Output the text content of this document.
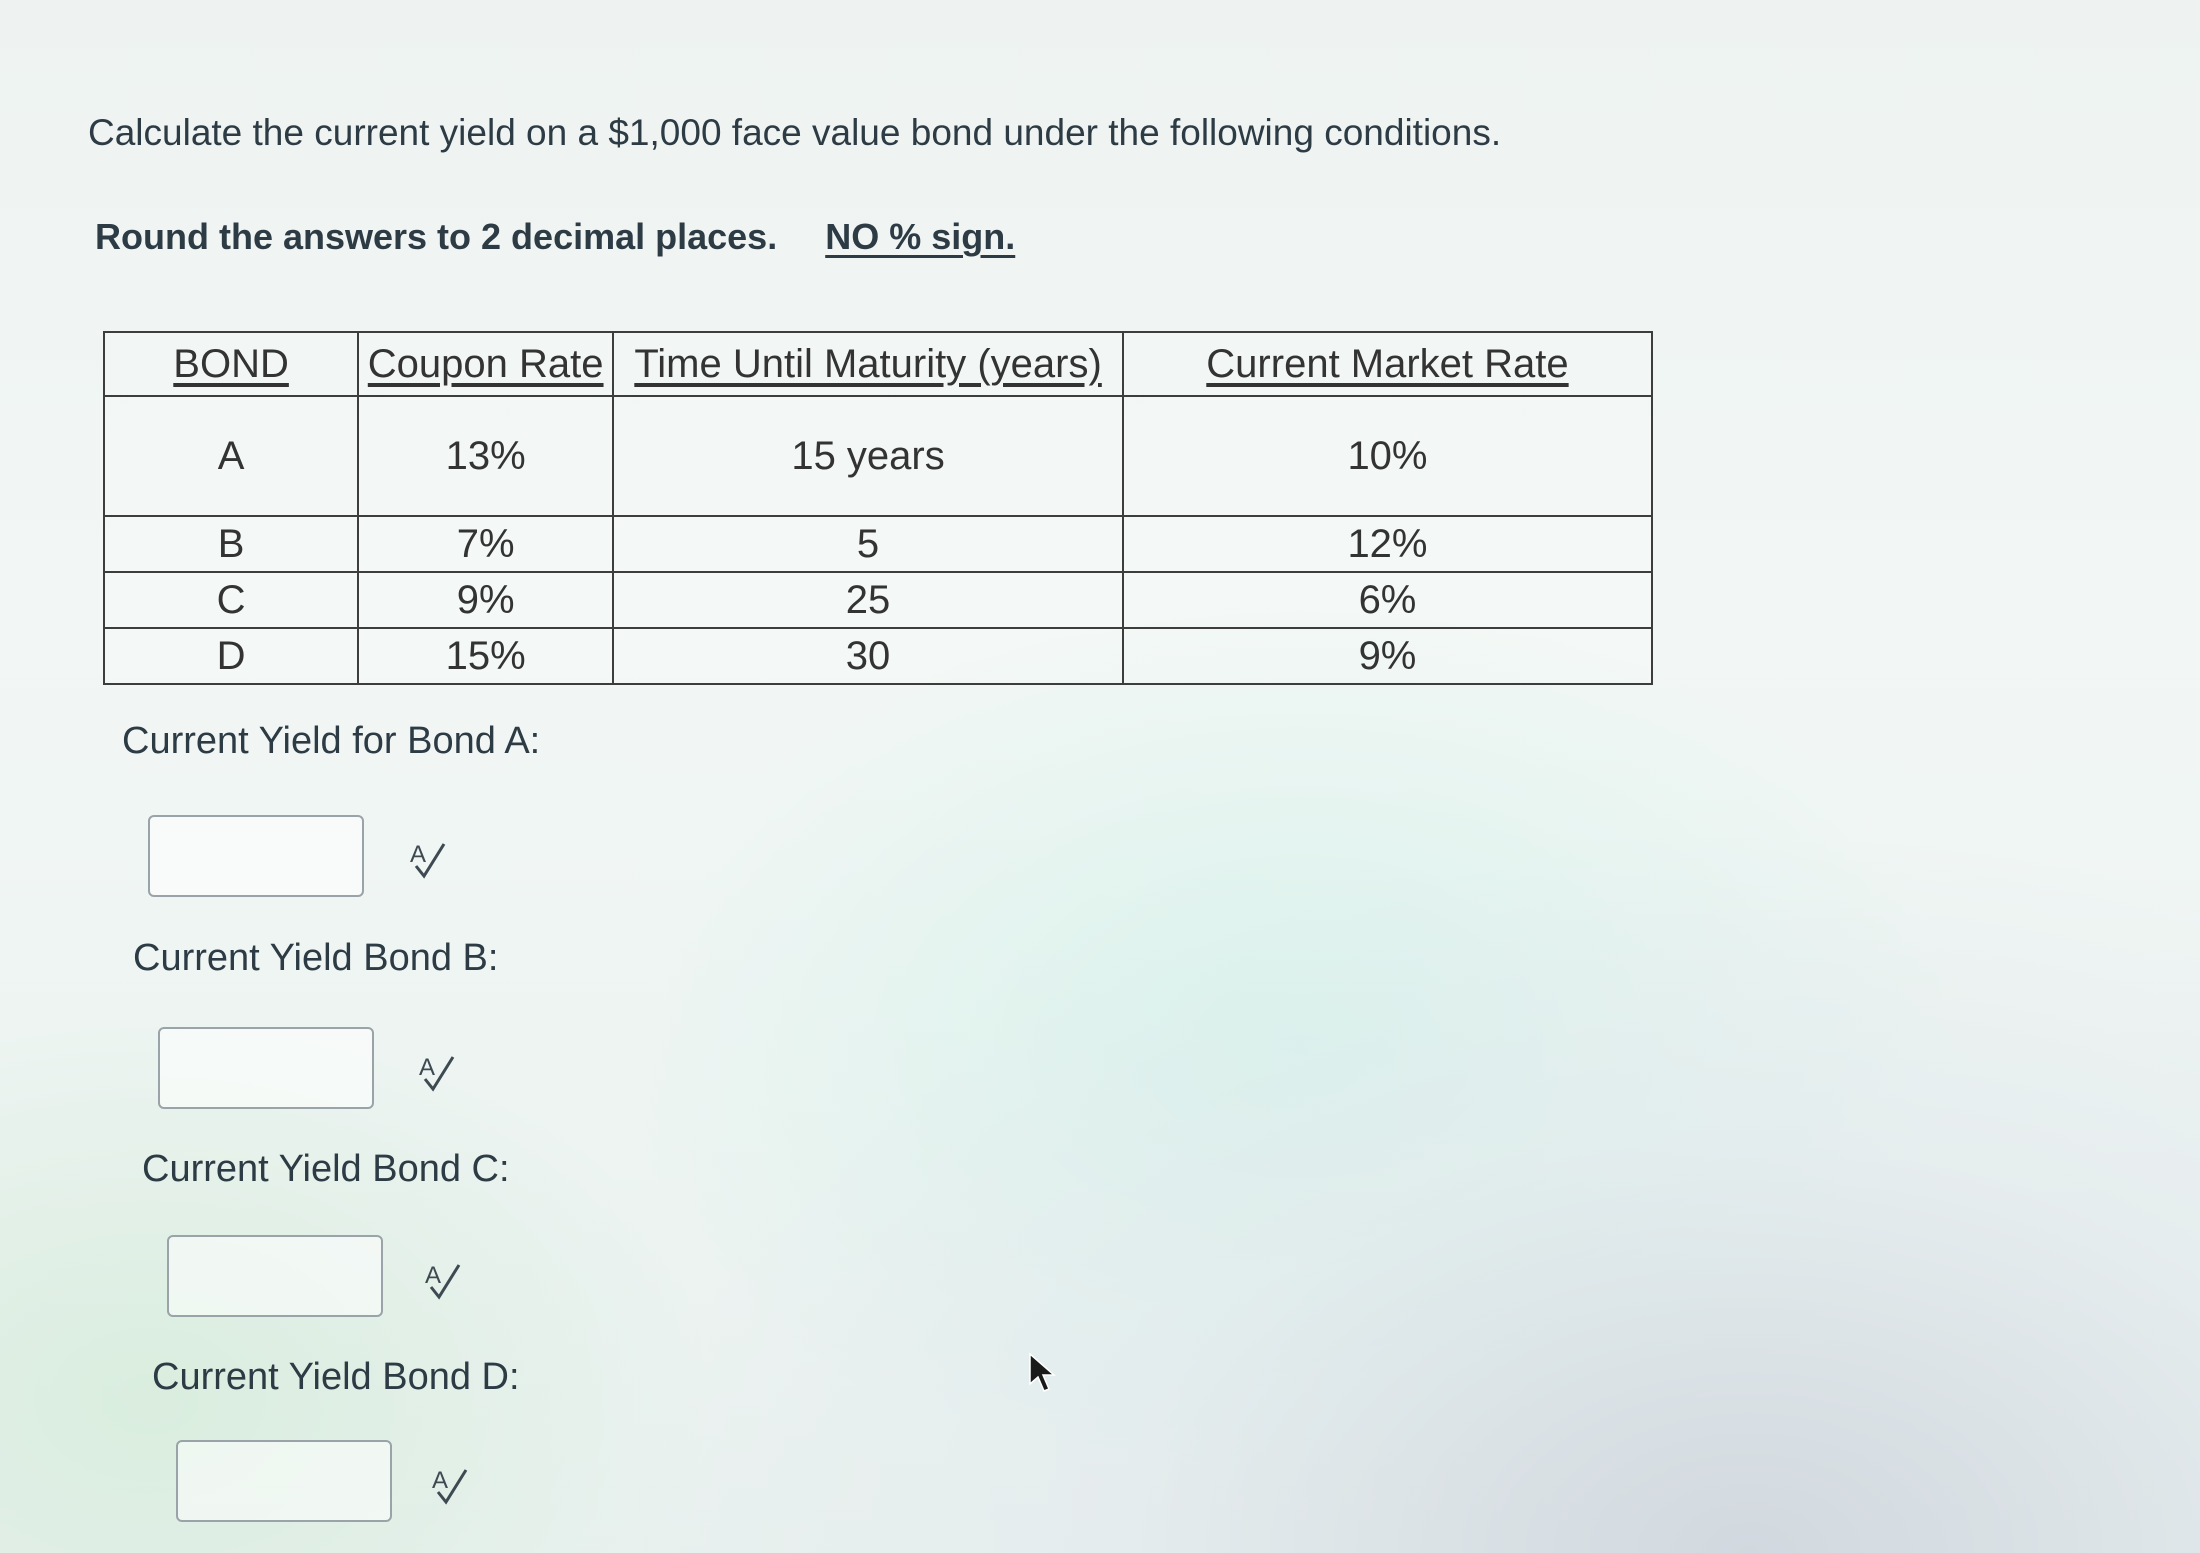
Calculate the current yield on a $1,000 face value bond under the following conditions.
Round the answers to 2 decimal places. NO % sign.
BOND	Coupon Rate	Time Until Maturity (years)	Current Market Rate
A	13%	15 years	10%
B	7%	5	12%
C	9%	25	6%
D	15%	30	9%
Current Yield for Bond A:
A
Current Yield Bond B:
A
Current Yield Bond C:
A
Current Yield Bond D:
A
